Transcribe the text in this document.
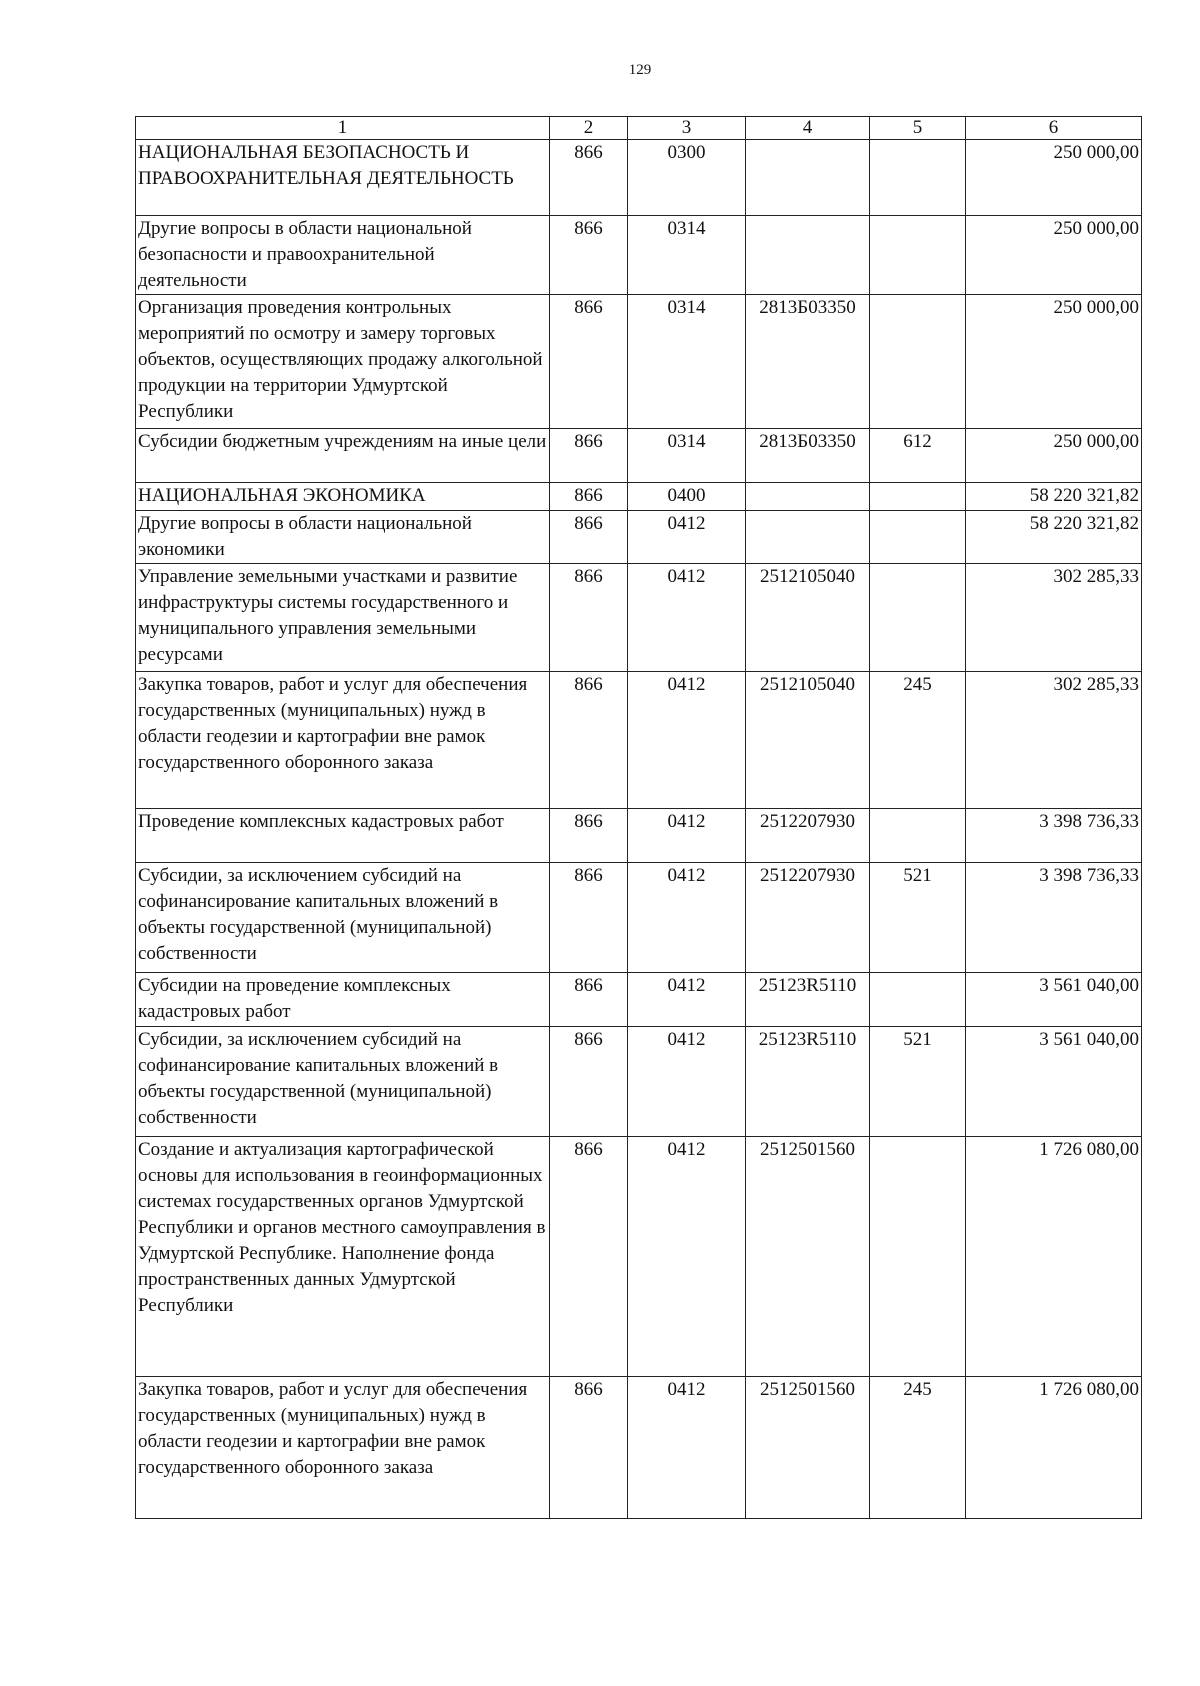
129
1	2	3	4	5	6
НАЦИОНАЛЬНАЯ БЕЗОПАСНОСТЬ И ПРАВООХРАНИТЕЛЬНАЯ ДЕЯТЕЛЬНОСТЬ	866	0300			250 000,00
Другие вопросы в области национальной безопасности и правоохранительной деятельности	866	0314			250 000,00
Организация проведения контрольных мероприятий по осмотру и замеру торговых объектов, осуществляющих продажу алкогольной продукции на территории Удмуртской Республики	866	0314	2813Б03350		250 000,00
Субсидии бюджетным учреждениям на иные цели	866	0314	2813Б03350	612	250 000,00
НАЦИОНАЛЬНАЯ ЭКОНОМИКА	866	0400			58 220 321,82
Другие вопросы в области национальной экономики	866	0412			58 220 321,82
Управление земельными участками и развитие инфраструктуры системы государственного и муниципального управления земельными ресурсами	866	0412	2512105040		302 285,33
Закупка товаров, работ и услуг для обеспечения государственных (муниципальных) нужд в области геодезии и картографии вне рамок государственного оборонного заказа	866	0412	2512105040	245	302 285,33
Проведение комплексных кадастровых работ	866	0412	2512207930		3 398 736,33
Субсидии, за исключением субсидий на софинансирование капитальных вложений в объекты государственной (муниципальной) собственности	866	0412	2512207930	521	3 398 736,33
Субсидии на проведение комплексных кадастровых работ	866	0412	25123R5110		3 561 040,00
Субсидии, за исключением субсидий на софинансирование капитальных вложений в объекты государственной (муниципальной) собственности	866	0412	25123R5110	521	3 561 040,00
Создание и актуализация картографической основы для использования в геоинформационных системах государственных органов Удмуртской Республики и органов местного самоуправления в Удмуртской Республике. Наполнение фонда пространственных данных Удмуртской Республики	866	0412	2512501560		1 726 080,00
Закупка товаров, работ и услуг для обеспечения государственных (муниципальных) нужд в области геодезии и картографии вне рамок государственного оборонного заказа	866	0412	2512501560	245	1 726 080,00
